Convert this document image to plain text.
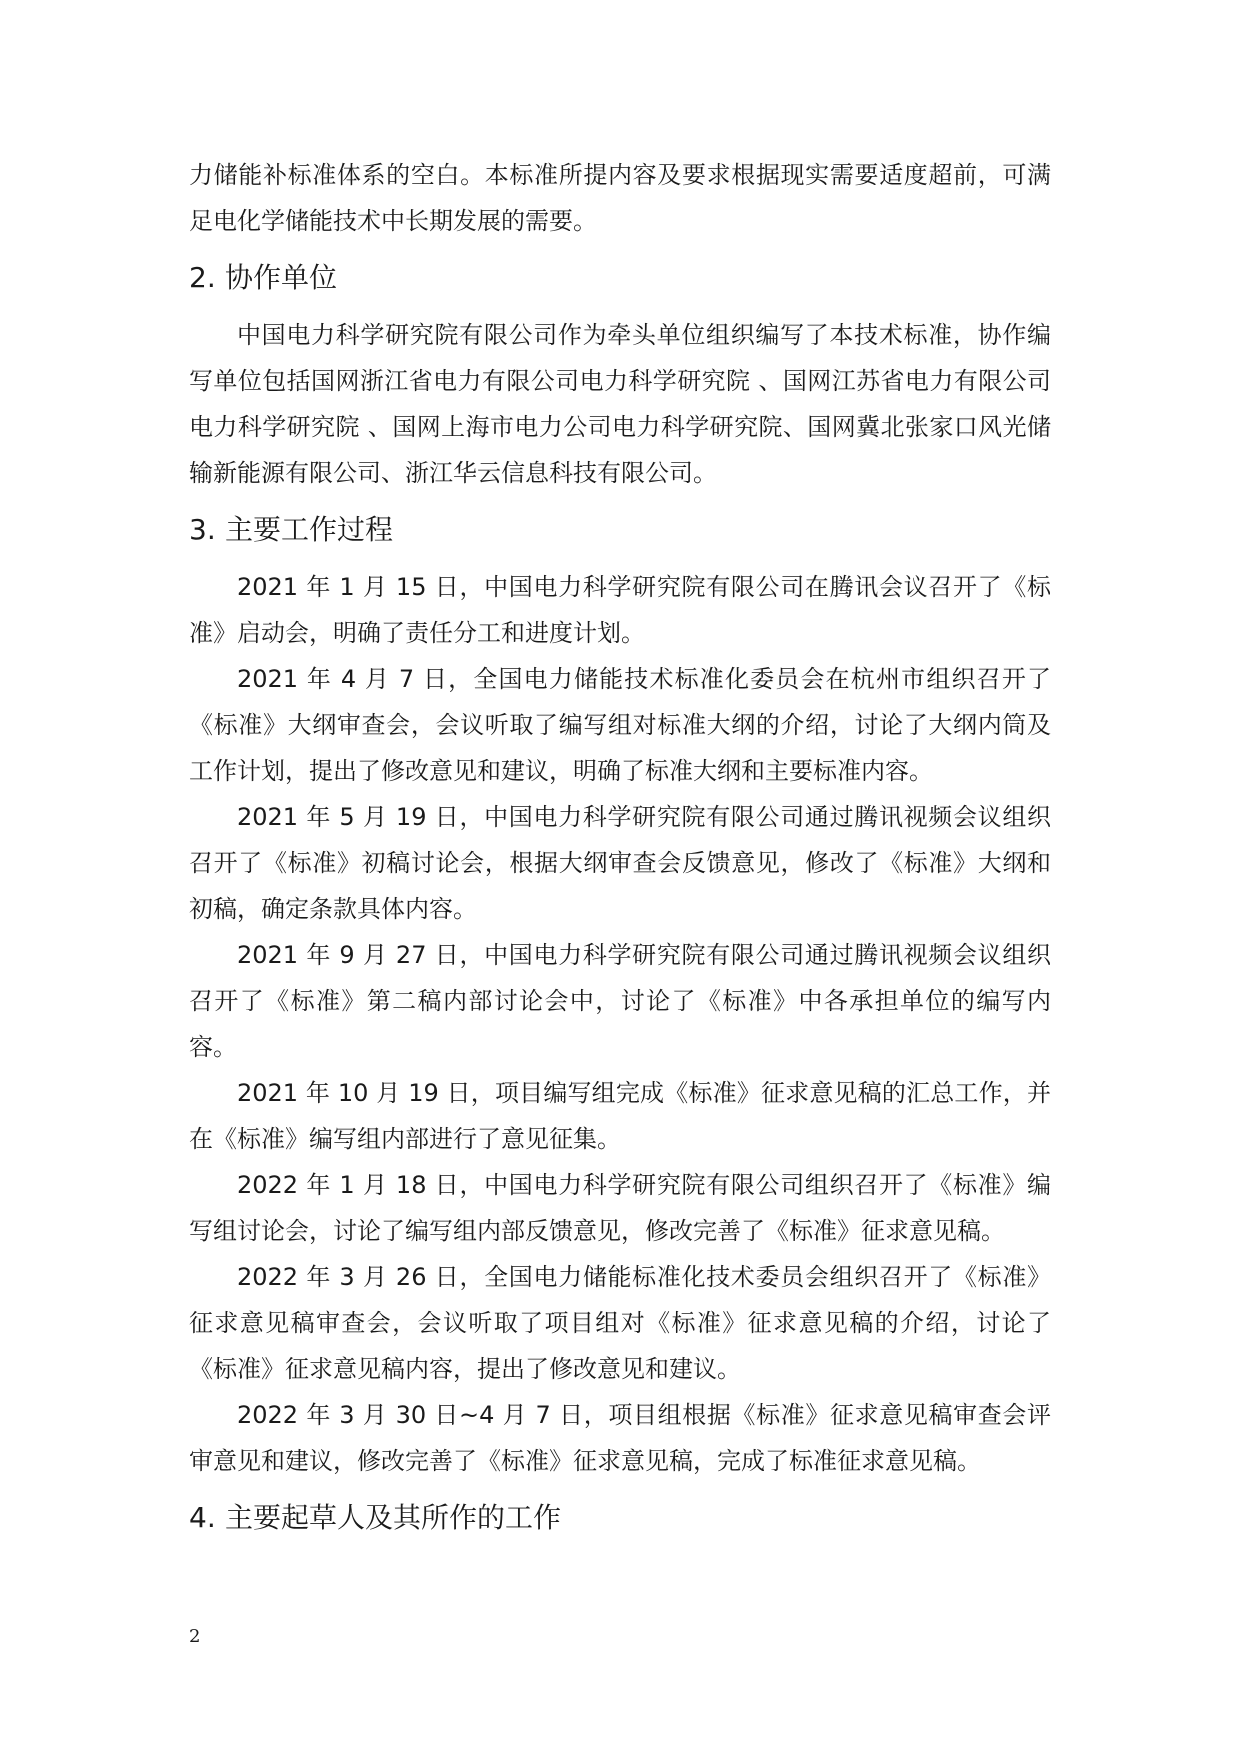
力储能补标准体系的空白。本标准所提内容及要求根据现实需要适度超前，可满足电化学储能技术中长期发展的需要。

2. 协作单位

中国电力科学研究院有限公司作为牵头单位组织编写了本技术标准，协作编写单位包括国网浙江省电力有限公司电力科学研究院 、国网江苏省电力有限公司电力科学研究院 、国网上海市电力公司电力科学研究院、国网冀北张家口风光储输新能源有限公司、浙江华云信息科技有限公司。

3. 主要工作过程

2021 年 1 月 15 日，中国电力科学研究院有限公司在腾讯会议召开了《标准》启动会，明确了责任分工和进度计划。

2021 年 4 月 7 日，全国电力储能技术标准化委员会在杭州市组织召开了《标准》大纲审查会，会议听取了编写组对标准大纲的介绍，讨论了大纲内筒及工作计划，提出了修改意见和建议，明确了标准大纲和主要标准内容。

2021 年 5 月 19 日，中国电力科学研究院有限公司通过腾讯视频会议组织召开了《标准》初稿讨论会，根据大纲审查会反馈意见，修改了《标准》大纲和初稿，确定条款具体内容。

2021 年 9 月 27 日，中国电力科学研究院有限公司通过腾讯视频会议组织召开了《标准》第二稿内部讨论会中，讨论了《标准》中各承担单位的编写内容。

2021 年 10 月 19 日，项目编写组完成《标准》征求意见稿的汇总工作，并在《标准》编写组内部进行了意见征集。

2022 年 1 月 18 日，中国电力科学研究院有限公司组织召开了《标准》编写组讨论会，讨论了编写组内部反馈意见，修改完善了《标准》征求意见稿。

2022 年 3 月 26 日，全国电力储能标准化技术委员会组织召开了《标准》征求意见稿审查会，会议听取了项目组对《标准》征求意见稿的介绍，讨论了《标准》征求意见稿内容，提出了修改意见和建议。

2022 年 3 月 30 日~4 月 7 日，项目组根据《标准》征求意见稿审查会评审意见和建议，修改完善了《标准》征求意见稿，完成了标准征求意见稿。

4. 主要起草人及其所作的工作
2
